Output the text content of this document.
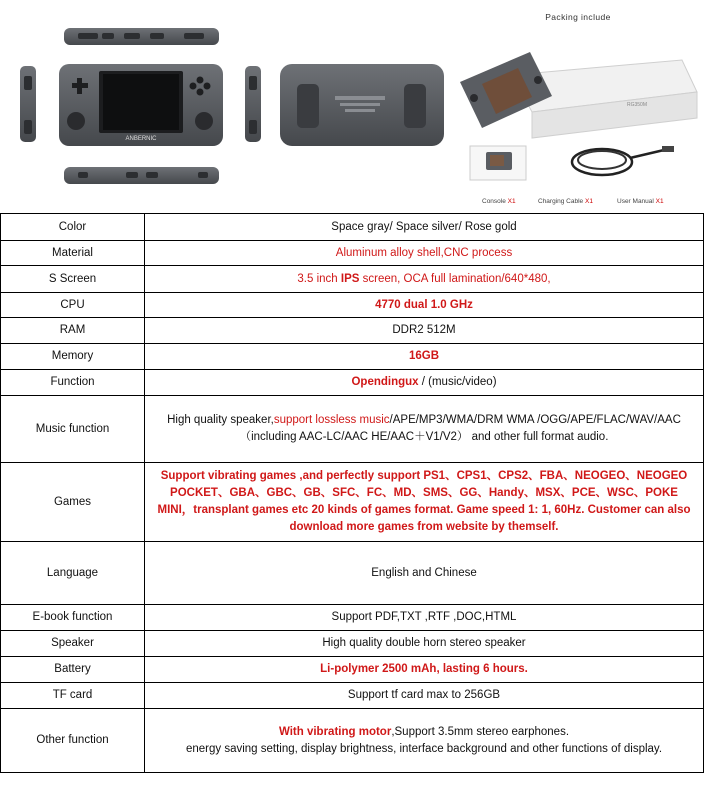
ANBERNIC
Packing include
RG350M
Console X1	Charging Cable X1	User Manual X1
Color	Space gray/ Space silver/ Rose gold
Material	Aluminum alloy shell,CNC process
S Screen	3.5 inch IPS screen, OCA full lamination/640*480,
CPU	4770 dual 1.0 GHz
RAM	DDR2 512M
Memory	16GB
Function	Opendingux / (music/video)
Music function	High quality speaker,support lossless music/APE/MP3/WMA/DRM WMA /OGG/APE/FLAC/WAV/AAC
（including AAC-LC/AAC HE/AAC＋V1/V2） and other full format audio.
Games	Support vibrating games ,and perfectly support PS1、CPS1、CPS2、FBA、NEOGEO、NEOGEO POCKET、GBA、GBC、GB、SFC、FC、MD、SMS、GG、Handy、MSX、PCE、WSC、POKE MINI，transplant games etc 20 kinds of games format. Game speed 1: 1, 60Hz. Customer can also download more games from website by themself.
Language	English and Chinese
E-book function	Support PDF,TXT ,RTF ,DOC,HTML
Speaker	High quality double horn stereo speaker
Battery	Li-polymer 2500 mAh, lasting 6 hours.
TF card	Support tf card max to 256GB
Other function	With vibrating motor,Support 3.5mm stereo earphones.
energy saving setting, display brightness, interface background and other functions of display.
